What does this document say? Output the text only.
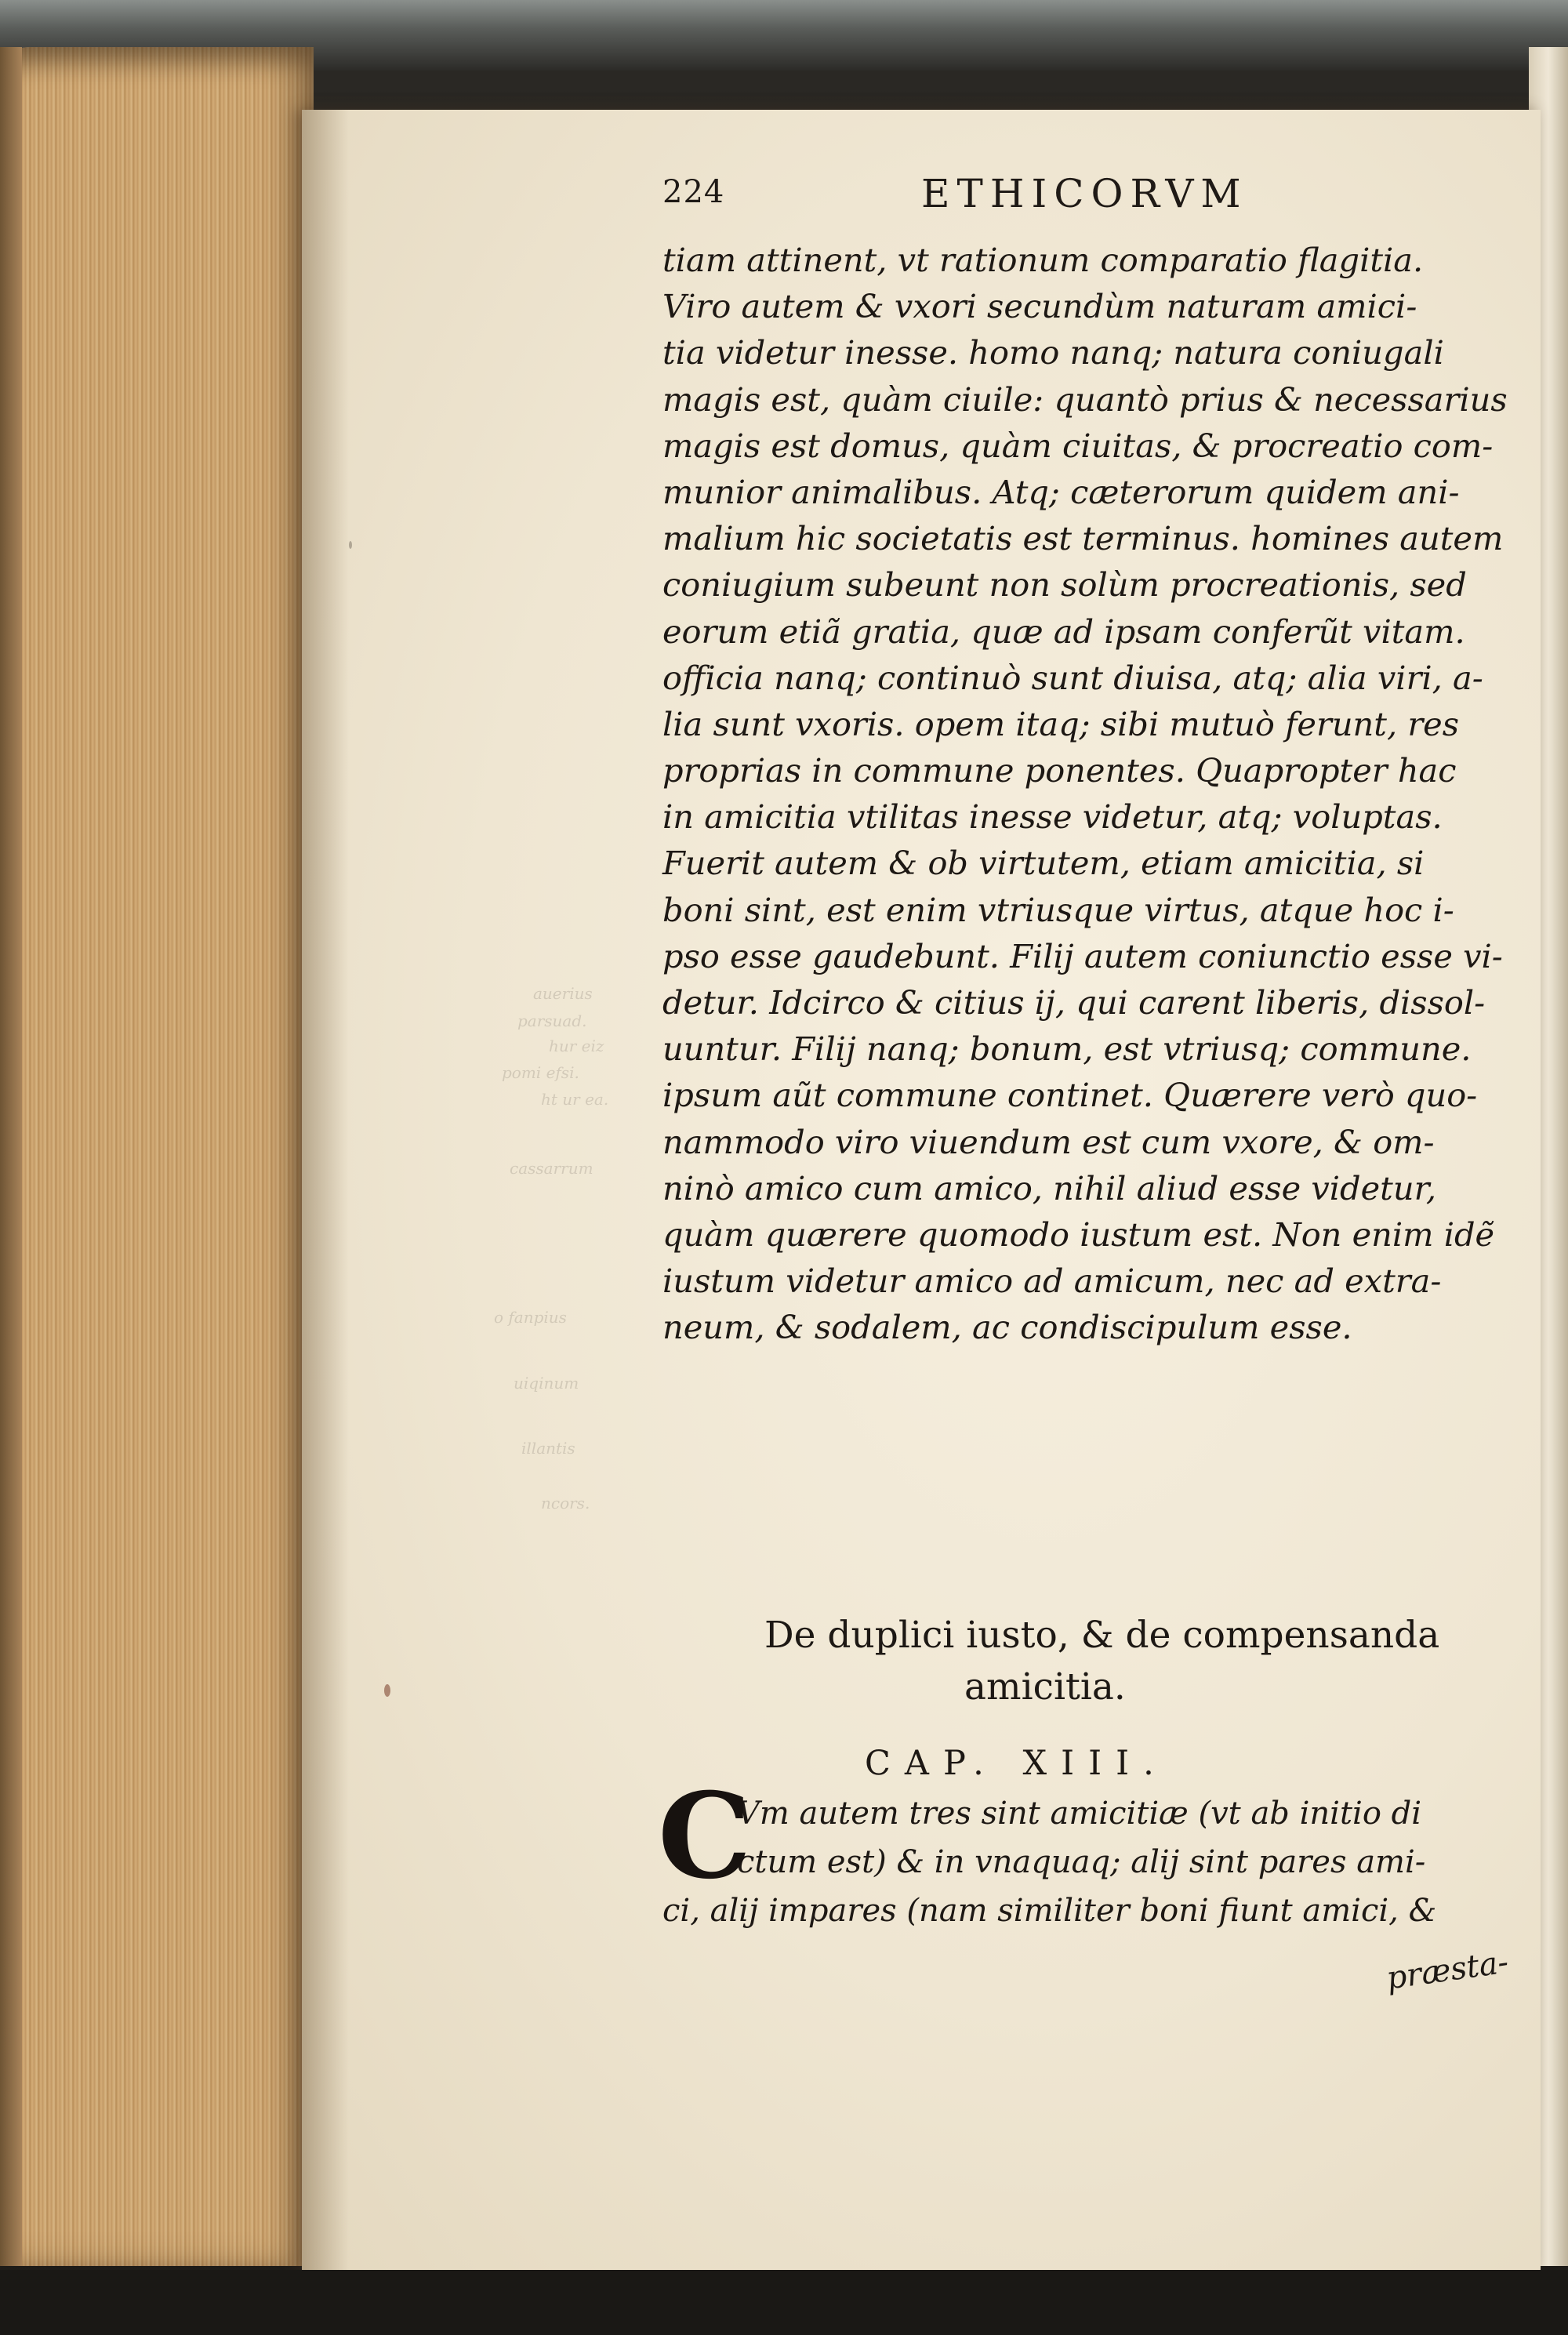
auerius
parsuad.
hur eiz
pomi efsi.
ht ur ea.
cassarrum
o fanpius
uiqinum
illantis
ncors.
224	ETHICORVM
tiam attinent, vt rationum comparatio flagitia.
Viro autem & vxori secundùm naturam amici-
tia videtur inesse. homo nanq; natura coniugali
magis est, quàm ciuile: quantò prius & necessarius
magis est domus, quàm ciuitas, & procreatio com-
munior animalibus. Atq; cæterorum quidem ani-
malium hic societatis est terminus. homines autem
coniugium subeunt non solùm procreationis, sed
eorum etiã gratia, quæ ad ipsam conferũt vitam.
officia nanq; continuò sunt diuisa, atq; alia viri, a-
lia sunt vxoris. opem itaq; sibi mutuò ferunt, res
proprias in commune ponentes. Quapropter hac
in amicitia vtilitas inesse videtur, atq; voluptas.
Fuerit autem & ob virtutem, etiam amicitia, si
boni sint, est enim vtriusque virtus, atque hoc i-
pso esse gaudebunt. Filij autem coniunctio esse vi-
detur. Idcirco & citius ij, qui carent liberis, dissol-
uuntur. Filij nanq; bonum, est vtriusq; commune.
ipsum aũt commune continet. Quærere verò quo-
nammodo viro viuendum est cum vxore, & om-
ninò amico cum amico, nihil aliud esse videtur,
quàm quærere quomodo iustum est. Non enim idẽ
iustum videtur amico ad amicum, nec ad extra-
neum, & sodalem, ac condiscipulum esse.
De duplici iusto, & de compensanda
amicitia.
CAP. XIII.
C
Vm autem tres sint amicitiæ (vt ab initio di
ctum est) & in vnaquaq; alij sint pares ami-
ci, alij impares (nam similiter boni fiunt amici, &
præsta-
